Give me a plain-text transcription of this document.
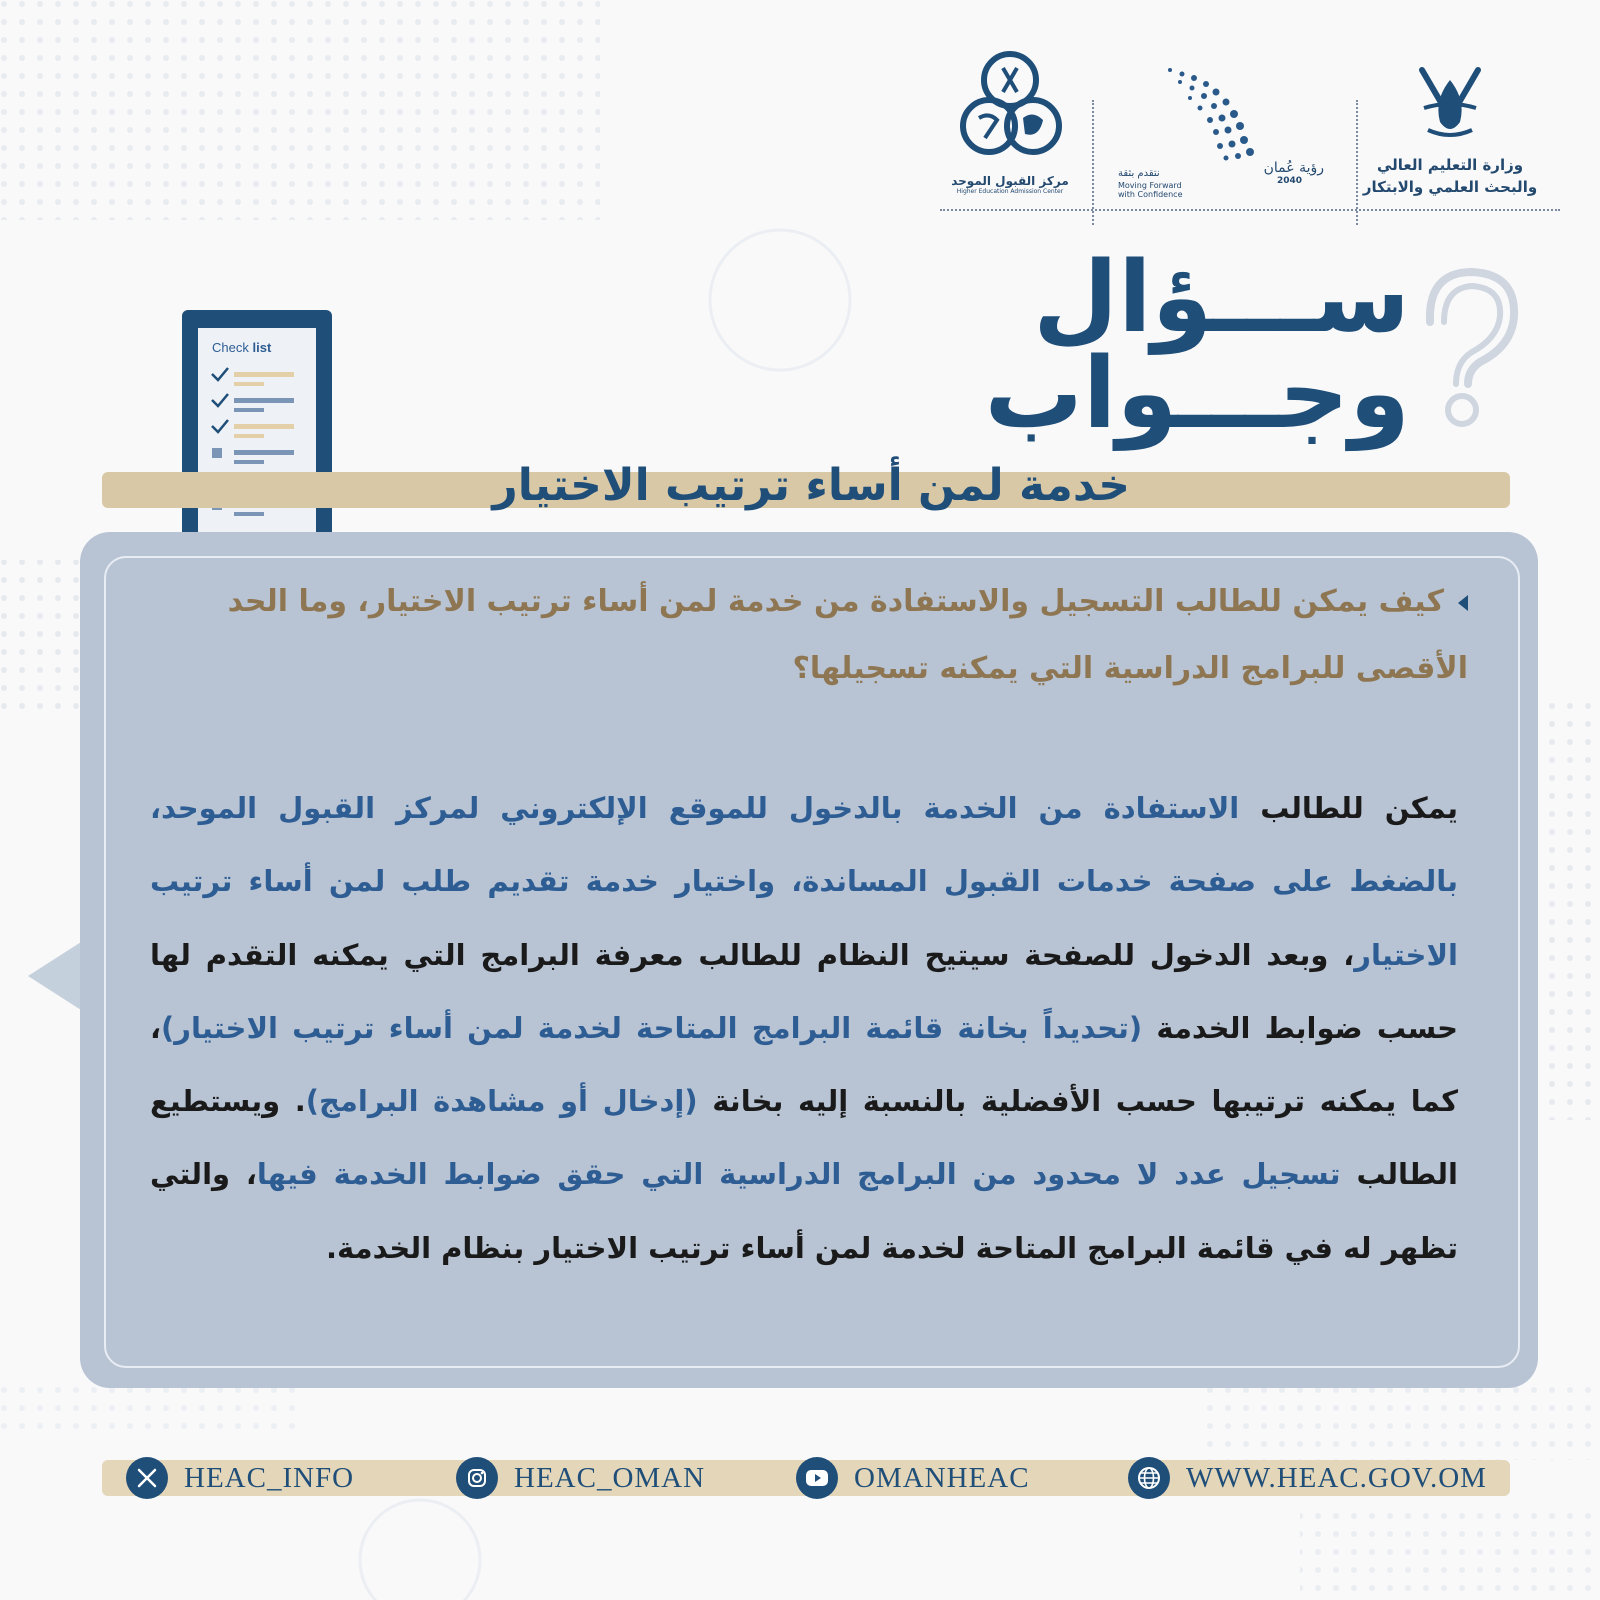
وزارة التعليم العالي
والبحث العلمي والابتكار
رؤية عُمان
2040
نتقدم بثقة
Moving Forward with Confidence
مركز القبول الموحد
Higher Education Admission Center
ســـؤال
وجـــواب
Check list
خدمة لمن أساء ترتيب الاختيار
كيف يمكن للطالب التسجيل والاستفادة من خدمة لمن أساء ترتيب الاختيار، وما الحد الأقصى للبرامج الدراسية التي يمكنه تسجيلها؟
يمكن للطالب الاستفادة من الخدمة بالدخول للموقع الإلكتروني لمركز القبول الموحد، بالضغط على صفحة خدمات القبول المساندة، واختيار خدمة تقديم طلب لمن أساء ترتيب الاختيار، وبعد الدخول للصفحة سيتيح النظام للطالب معرفة البرامج التي يمكنه التقدم لها حسب ضوابط الخدمة (تحديداً بخانة قائمة البرامج المتاحة لخدمة لمن أساء ترتيب الاختيار)، كما يمكنه ترتيبها حسب الأفضلية بالنسبة إليه بخانة (إدخال أو مشاهدة البرامج). ويستطيع الطالب تسجيل عدد لا محدود من البرامج الدراسية التي حقق ضوابط الخدمة فيها، والتي تظهر له في قائمة البرامج المتاحة لخدمة لمن أساء ترتيب الاختيار بنظام الخدمة.
HEAC_INFO	HEAC_OMAN	OMANHEAC	WWW.HEAC.GOV.OM
